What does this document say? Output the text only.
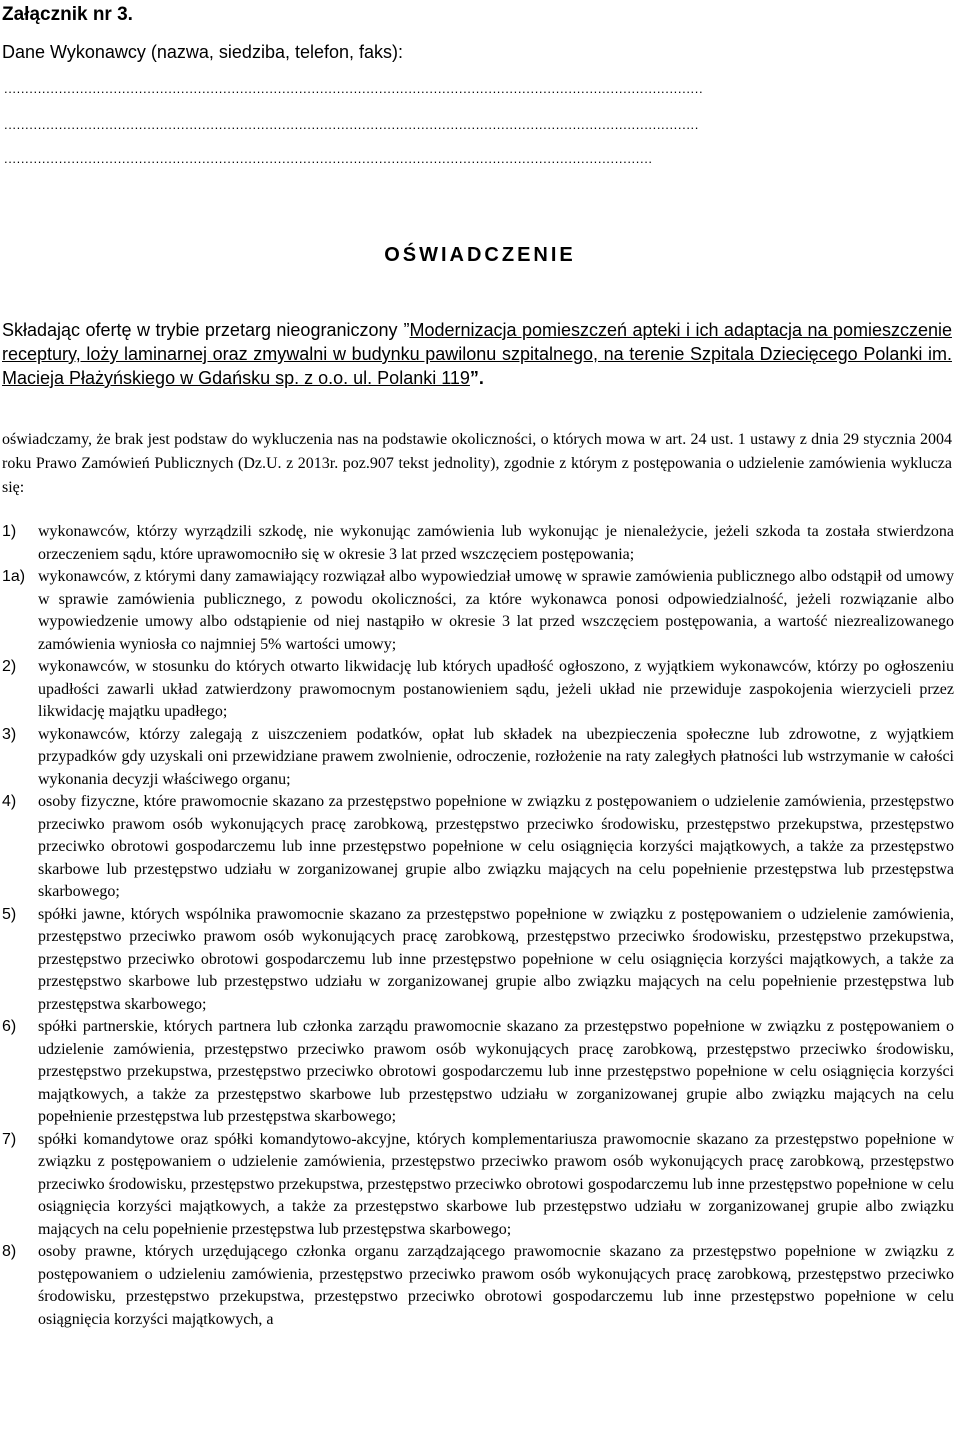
Załącznik nr 3.
Dane Wykonawcy (nazwa, siedziba, telefon, faks):
......................................................................................................................................................................
.....................................................................................................................................................................
..........................................................................................................................................................
OŚWIADCZENIE
Składając ofertę w trybie przetarg nieograniczony ”Modernizacja pomieszczeń apteki i ich adaptacja na pomieszczenie receptury, loży laminarnej oraz zmywalni w budynku pawilonu szpitalnego, na terenie Szpitala Dziecięcego Polanki im. Macieja Płażyńskiego w Gdańsku sp. z o.o. ul. Polanki 119”.
oświadczamy, że brak jest podstaw do wykluczenia nas na podstawie okoliczności, o których mowa w art. 24 ust. 1 ustawy z dnia 29 stycznia 2004 roku Prawo Zamówień Publicznych (Dz.U. z 2013r. poz.907 tekst jednolity), zgodnie z którym z postępowania o udzielenie zamówienia wyklucza się:
1)	wykonawców, którzy wyrządzili szkodę, nie wykonując zamówienia lub wykonując je nienależycie, jeżeli szkoda ta została stwierdzona orzeczeniem sądu, które uprawomocniło się w okresie 3 lat przed wszczęciem postępowania;
1a) wykonawców, z którymi dany zamawiający rozwiązał albo wypowiedział umowę w sprawie zamówienia publicznego albo odstąpił od umowy w sprawie zamówienia publicznego, z powodu okoliczności, za które wykonawca ponosi odpowiedzialność, jeżeli rozwiązanie albo wypowiedzenie umowy albo odstąpienie od niej nastąpiło w okresie 3 lat przed wszczęciem postępowania, a wartość niezrealizowanego zamówienia wyniosła co najmniej 5% wartości umowy;
2)	wykonawców, w stosunku do których otwarto likwidację lub których upadłość ogłoszono, z wyjątkiem wykonawców, którzy po ogłoszeniu upadłości zawarli układ zatwierdzony prawomocnym postanowieniem sądu, jeżeli układ nie przewiduje zaspokojenia wierzycieli przez likwidację majątku upadłego;
3)	wykonawców, którzy zalegają z uiszczeniem podatków, opłat lub składek na ubezpieczenia społeczne lub zdrowotne, z wyjątkiem przypadków gdy uzyskali oni przewidziane prawem zwolnienie, odroczenie, rozłożenie na raty zaległych płatności lub wstrzymanie w całości wykonania decyzji właściwego organu;
4)	osoby fizyczne, które prawomocnie skazano za przestępstwo popełnione w związku z postępowaniem o udzielenie zamówienia, przestępstwo przeciwko prawom osób wykonujących pracę zarobkową, przestępstwo przeciwko środowisku, przestępstwo przekupstwa, przestępstwo przeciwko obrotowi gospodarczemu lub inne przestępstwo popełnione w celu osiągnięcia korzyści majątkowych, a także za przestępstwo skarbowe lub przestępstwo udziału w zorganizowanej grupie albo związku mających na celu popełnienie przestępstwa lub przestępstwa skarbowego;
5)	spółki jawne, których wspólnika prawomocnie skazano za przestępstwo popełnione w związku z postępowaniem o udzielenie zamówienia, przestępstwo przeciwko prawom osób wykonujących pracę zarobkową, przestępstwo przeciwko środowisku, przestępstwo przekupstwa, przestępstwo przeciwko obrotowi gospodarczemu lub inne przestępstwo popełnione w celu osiągnięcia korzyści majątkowych, a także za przestępstwo skarbowe lub przestępstwo udziału w zorganizowanej grupie albo związku mających na celu popełnienie przestępstwa lub przestępstwa skarbowego;
6)	spółki partnerskie, których partnera lub członka zarządu prawomocnie skazano za przestępstwo popełnione w związku z postępowaniem o udzielenie zamówienia, przestępstwo przeciwko prawom osób wykonujących pracę zarobkową, przestępstwo przeciwko środowisku, przestępstwo przekupstwa, przestępstwo przeciwko obrotowi gospodarczemu lub inne przestępstwo popełnione w celu osiągnięcia korzyści majątkowych, a także za przestępstwo skarbowe lub przestępstwo udziału w zorganizowanej grupie albo związku mających na celu popełnienie przestępstwa lub przestępstwa skarbowego;
7)	spółki komandytowe oraz spółki komandytowo-akcyjne, których komplementariusza prawomocnie skazano za przestępstwo popełnione w związku z postępowaniem o udzielenie zamówienia, przestępstwo przeciwko prawom osób wykonujących pracę zarobkową, przestępstwo przeciwko środowisku, przestępstwo przekupstwa, przestępstwo przeciwko obrotowi gospodarczemu lub inne przestępstwo popełnione w celu osiągnięcia korzyści majątkowych, a także za przestępstwo skarbowe lub przestępstwo udziału w zorganizowanej grupie albo związku mających na celu popełnienie przestępstwa lub przestępstwa skarbowego;
8)	osoby prawne, których urzędującego członka organu zarządzającego prawomocnie skazano za przestępstwo popełnione w związku z postępowaniem o udzieleniu zamówienia, przestępstwo przeciwko prawom osób wykonujących pracę zarobkową, przestępstwo przeciwko środowisku, przestępstwo przekupstwa, przestępstwo przeciwko obrotowi gospodarczemu lub inne przestępstwo popełnione w celu osiągnięcia korzyści majątkowych, a
